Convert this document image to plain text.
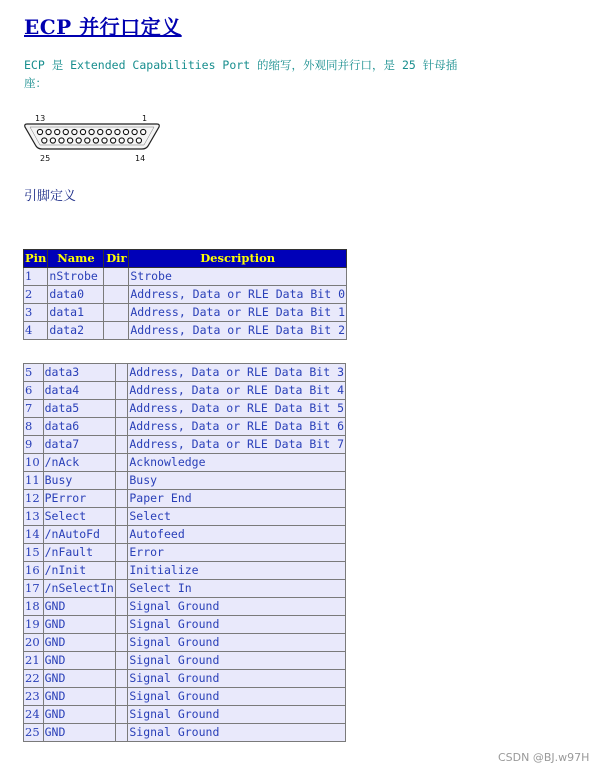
ECP 并行口定义
ECP 是 Extended Capabilities Port 的缩写，外观同并行口，是 25 针母插座：
13	1
25	14
引脚定义
Pin	Name	Dir	Description
1	nStrobe		Strobe
2	data0		Address, Data or RLE Data Bit 0
3	data1		Address, Data or RLE Data Bit 1
4	data2		Address, Data or RLE Data Bit 2
5	data3		Address, Data or RLE Data Bit 3
6	data4		Address, Data or RLE Data Bit 4
7	data5		Address, Data or RLE Data Bit 5
8	data6		Address, Data or RLE Data Bit 6
9	data7		Address, Data or RLE Data Bit 7
10	/nAck		Acknowledge
11	Busy		Busy
12	PError		Paper End
13	Select		Select
14	/nAutoFd		Autofeed
15	/nFault		Error
16	/nInit		Initialize
17	/nSelectIn		Select In
18	GND		Signal Ground
19	GND		Signal Ground
20	GND		Signal Ground
21	GND		Signal Ground
22	GND		Signal Ground
23	GND		Signal Ground
24	GND		Signal Ground
25	GND		Signal Ground
CSDN @BJ.w97H
